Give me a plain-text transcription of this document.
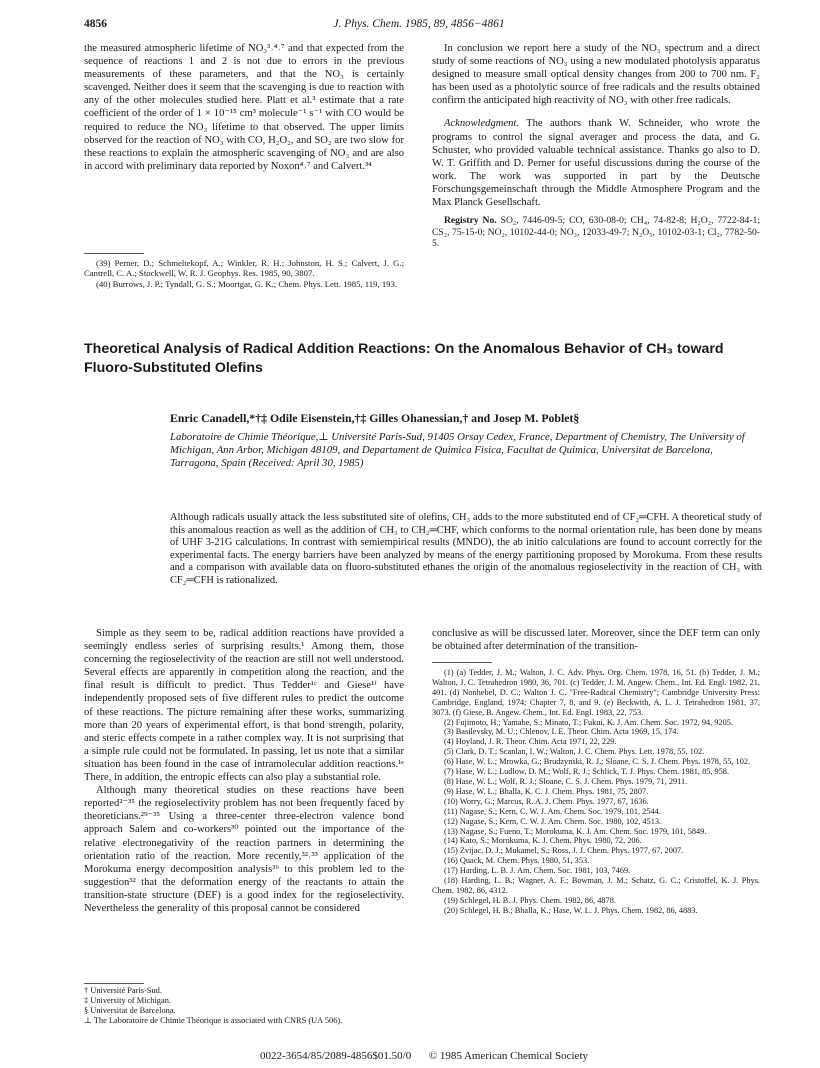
4856	J. Phys. Chem. 1985, 89, 4856−4861

the measured atmospheric lifetime of NO₃³˒⁴˒⁷ and that expected from the sequence of reactions 1 and 2 is not due to errors in the previous measurements of these parameters, and that the NO₃ is certainly scavenged. Neither does it seem that the scavenging is due to reaction with any of the other molecules studied here. Platt et al.³ estimate that a rate coefficient of the order of 1 × 10⁻¹⁵ cm³ molecule⁻¹ s⁻¹ with CO would be required to reduce the NO₃ lifetime to that observed. The upper limits observed for the reaction of NO₃ with CO, H₂O₂, and SO₂ are two slow for these reactions to explain the atmospheric scavenging of NO₃ and are also in accord with preliminary data reported by Noxon⁴˒⁷ and Calvert.³⁴

(39) Perner, D.; Schmeltekopf, A.; Winkler, R. H.; Johnston, H. S.; Calvert, J. G.; Cantrell, C. A.; Stockwell, W. R. J. Geophys. Res. 1985, 90, 3807.
(40) Burrows, J. P.; Tyndall, G. S.; Moortgat, G. K.; Chem. Phys. Lett. 1985, 119, 193.

In conclusion we report here a study of the NO₃ spectrum and a direct study of some reactions of NO₃ using a new modulated photolysis apparatus designed to measure small optical density changes from 200 to 700 nm. F₂ has been used as a photolytic source of free radicals and the results obtained confirm the anticipated high reactivity of NO₃ with other free radicals.

Acknowledgment. The authors thank W. Schneider, who wrote the programs to control the signal averager and process the data, and G. Schuster, who provided valuable technical assistance. Thanks go also to D. W. T. Griffith and D. Perner for useful discussions during the course of the work. The work was supported in part by the Deutsche Forschungsgemeinschaft through the Middle Atmosphere Program and the Max Planck Gesellschaft.

Registry No. SO₂, 7446-09-5; CO, 630-08-0; CH₄, 74-82-8; H₂O₂, 7722-84-1; CS₂, 75-15-0; NO₂, 10102-44-0; NO₃, 12033-49-7; N₂O₅, 10102-03-1; Cl₂, 7782-50-5.

Theoretical Analysis of Radical Addition Reactions: On the Anomalous Behavior of CH₃ toward Fluoro-Substituted Olefins
Enric Canadell,*†‡ Odile Eisenstein,†‡ Gilles Ohanessian,† and Josep M. Poblet§
Laboratoire de Chimie Théorique,⊥ Université Paris-Sud, 91405 Orsay Cedex, France, Department of Chemistry, The University of Michigan, Ann Arbor, Michigan 48109, and Departament de Quimica Fisica, Facultat de Quimica, Universitat de Barcelona, Tarragona, Spain (Received: April 30, 1985)
Although radicals usually attack the less substituted site of olefins, CH₃ adds to the more substituted end of CF₂═CFH. A theoretical study of this anomalous reaction as well as the addition of CH₃ to CH₂═CHF, which conforms to the normal orientation rule, has been done by means of UHF 3-21G calculations. In contrast with semiempirical results (MNDO), the ab initio calculations are found to account correctly for the experimental facts. The energy barriers have been analyzed by means of the energy partitioning proposed by Morokuma. From these results and a comparison with available data on fluoro-substituted ethanes the origin of the anomalous regioselectivity in the reaction of CH₃ with CF₂═CFH is rationalized.

Simple as they seem to be, radical addition reactions have provided a seemingly endless series of surprising results.¹ Among them, those concerning the regioselectivity of the reaction are still not well understood. Several effects are apparently in competition along the reaction, and the final result is difficult to predict. Thus Tedder¹ᶜ and Giese¹ᶠ have independently proposed sets of five different rules to predict the outcome of these reactions. The picture remaining after these works, summarizing more than 20 years of experimental effort, is that bond strength, polarity, and steric effects compete in a rather complex way. It is not surprising that a simple rule could not be formulated. In passing, let us note that a similar situation has been found in the case of intramolecular addition reactions.¹ᵉ There, in addition, the entropic effects can also play a substantial role.

Although many theoretical studies on these reactions have been reported²⁻³⁵ the regioselectivity problem has not been frequently faced by theoreticians.²⁹⁻³⁵ Using a three-center three-electron valence bond approach Salem and co-workers³⁰ pointed out the importance of the relative electronegativity of the reaction partners in determining the orientation ratio of the reaction. More recently,³²˒³³ application of the Morokuma energy decomposition analysis³⁶ to this problem led to the suggestion³² that the deformation energy of the reactants to attain the transition-state structure (DEF) is a good index for the regioselectivity. Nevertheless the generality of this proposal cannot be considered

† Université Paris-Sud.
‡ University of Michigan.
§ Universitat de Barcelona.
⊥ The Laboratoire de Chimie Théorique is associated with CNRS (UA 506).

conclusive as will be discussed later. Moreover, since the DEF term can only be obtained after determination of the transition-

(1) (a) Tedder, J. M.; Walton, J. C. Adv. Phys. Org. Chem. 1978, 16, 51. (b) Tedder, J. M.; Walton, J. C. Tetrahedron 1980, 36, 701. (c) Tedder, J. M. Angew. Chem., Int. Ed. Engl. 1982, 21, 401. (d) Nonhebel, D. C.; Walton J. C. "Free-Radical Chemistry"; Cambridge University Press: Cambridge, England, 1974; Chapter 7, 8, and 9. (e) Beckwith, A. L. J. Tetrahedron 1981, 37, 3073. (f) Giese, B. Angew. Chem., Int. Ed. Engl. 1983, 22, 753.
(2) Fujimoto, H.; Yamabe, S.; Minato, T.; Fukui, K. J. Am. Chem. Soc. 1972, 94, 9205.
(3) Basilevsky, M. U.; Chlenov, I. E. Theor. Chim. Acta 1969, 15, 174.
(4) Hoyland, J. R. Theor. Chim. Acta 1971, 22, 229.
(5) Clark, D. T.; Scanlan, I. W.; Walton, J. C. Chem. Phys. Lett. 1978, 55, 102.
(6) Hase, W. L.; Mrowka, G.; Brudzynski, R. J.; Sloane, C. S. J. Chem. Phys. 1978, 55, 102.
(7) Hase, W. L.; Ludlow, D. M.; Wolf, R. J.; Schlick, T. J. Phys. Chem. 1981, 85, 958.
(8) Hase, W. L.; Wolf, R. J.; Sloane, C. S. J. Chem. Phys. 1979, 71, 2911.
(9) Hase, W. L.; Bhalla, K. C. J. Chem. Phys. 1981, 75, 2807.
(10) Worry, G.; Marcus, R. A. J. Chem. Phys. 1977, 67, 1636.
(11) Nagase, S.; Kern, C. W. J. Am. Chem. Soc. 1979, 101, 2544.
(12) Nagase, S.; Kern, C. W. J. Am. Chem. Soc. 1980, 102, 4513.
(13) Nagase, S.; Fueno, T.; Morokuma, K. J. Am. Chem. Soc. 1979, 101, 5849.
(14) Kato, S.; Morokuma, K. J. Chem. Phys. 1980, 72, 206.
(15) Zvijac, D. J.; Mukamel, S.; Ross, J. J. Chem. Phys. 1977, 67, 2007.
(16) Quack, M. Chem. Phys. 1980, 51, 353.
(17) Harding, L. B. J. Am. Chem. Soc. 1981, 103, 7469.
(18) Harding, L. B.; Wagner, A. F.; Bowman, J. M.; Schatz, G. C.; Cristoffel, K. J. Phys. Chem. 1982, 86, 4312.
(19) Schlegel, H. B. J. Phys. Chem. 1982, 86, 4878.
(20) Schlegel, H. B.; Bhalla, K.; Hase, W. L. J. Phys. Chem. 1982, 86, 4883.
0022-3654/85/2089-4856$01.50/0 © 1985 American Chemical Society
